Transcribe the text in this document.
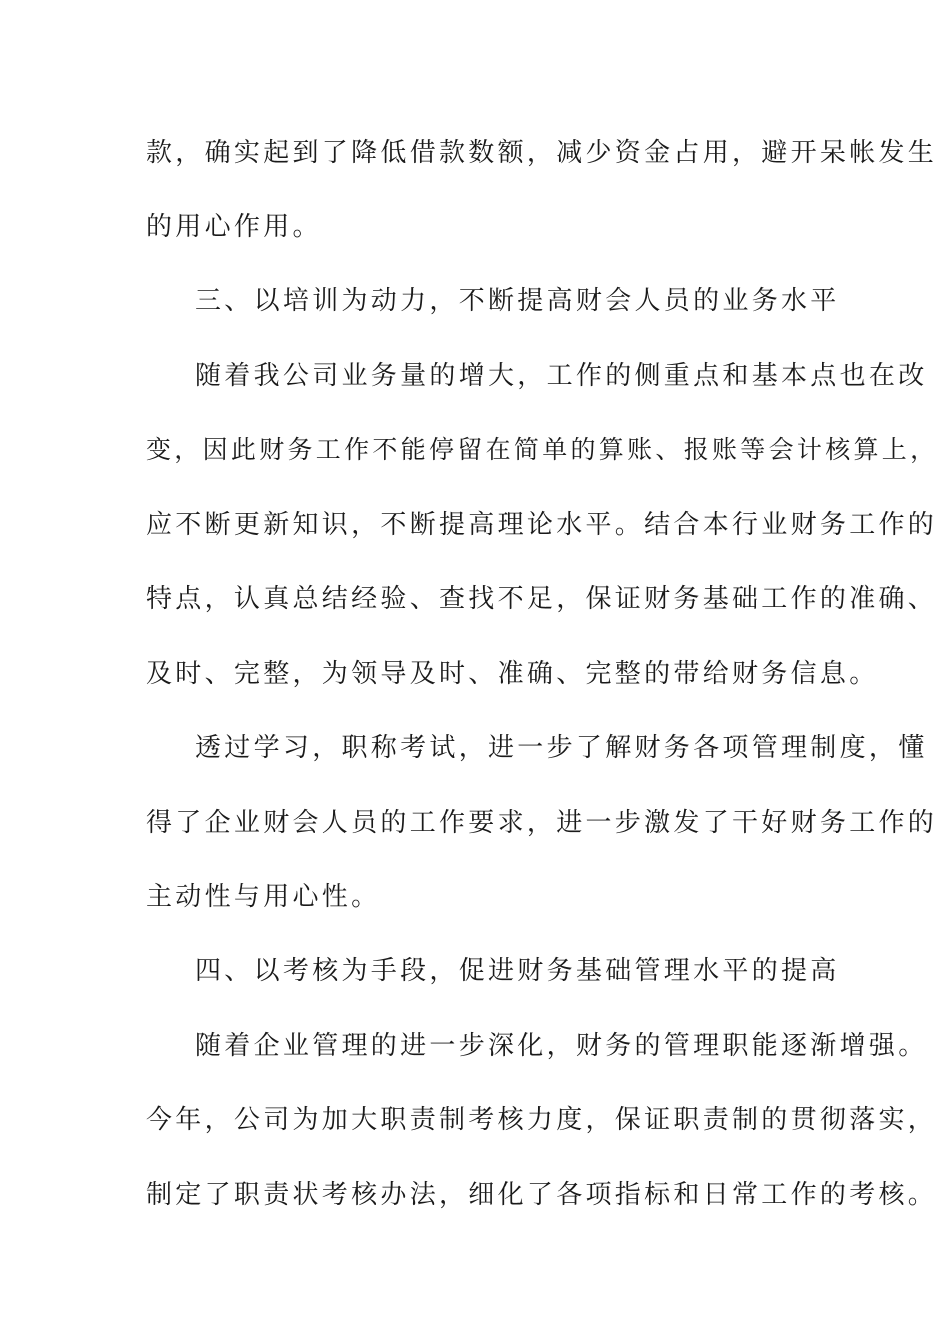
款，确实起到了降低借款数额，减少资金占用，避开呆帐发生
的用心作用。
三、以培训为动力，不断提高财会人员的业务水平
随着我公司业务量的增大，工作的侧重点和基本点也在改
变，因此财务工作不能停留在简单的算账、报账等会计核算上，
应不断更新知识，不断提高理论水平。结合本行业财务工作的
特点，认真总结经验、查找不足，保证财务基础工作的准确、
及时、完整，为领导及时、准确、完整的带给财务信息。
透过学习，职称考试，进一步了解财务各项管理制度，懂
得了企业财会人员的工作要求，进一步激发了干好财务工作的
主动性与用心性。
四、以考核为手段，促进财务基础管理水平的提高
随着企业管理的进一步深化，财务的管理职能逐渐增强。
今年，公司为加大职责制考核力度，保证职责制的贯彻落实，
制定了职责状考核办法，细化了各项指标和日常工作的考核。
